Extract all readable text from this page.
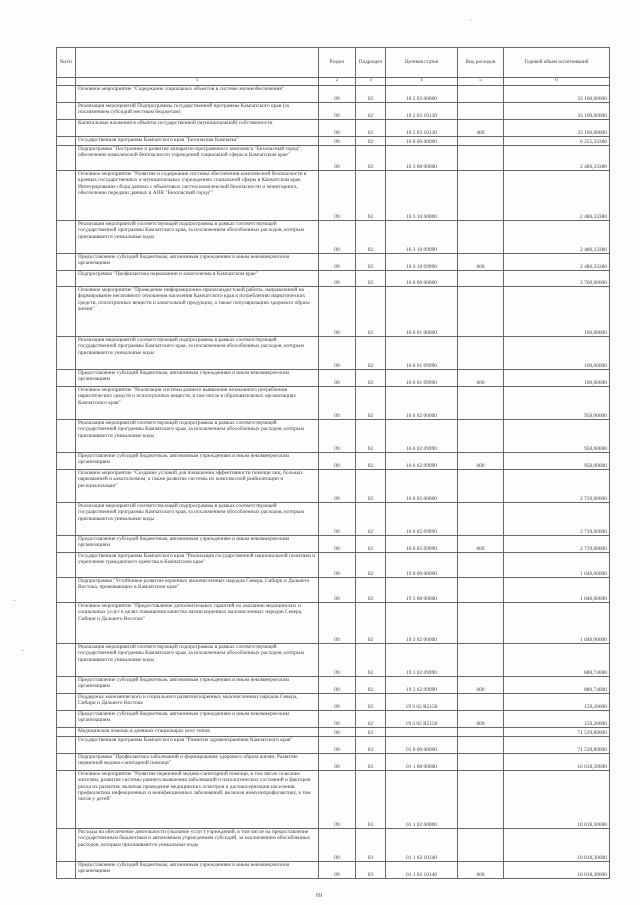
№п/п		Раздел	Подраздел	Целевая статья	Вид расходов	Годовой объем ассигнований
	1	2	3	4	5	6
	Основное мероприятие "Содержание социальных объектов в системе жизнеобеспечения"	09	02	10 2 03 00000		33 100,00000
	Реализация мероприятий Подпрограммы государственной программы Камчатского края (за исключением субсидий местным бюджетам)	09	02	10 2 03 10130		33 100,00000
	Капитальные вложения в объекты государственной (муниципальной) собственности	09	02	10 2 03 10130	400	33 100,00000
	Государственная программа Камчатского края "Безопасная Камчатка"	09	02	16 0 00 00000		6 255,33380
	Подпрограмма "Построение и развитие аппаратно-программного комплекса "Безопасный город", обеспечение комплексной безопасности учреждений социальной сферы в Камчатском крае"	09	02	16 3 00 00000		2 486,33380
	Основное мероприятие "Развитие и содержание системы обеспечения комплексной безопасности в краевых государственных и муниципальных учреждениях социальной сферы в Камчатском крае. Интегрирование сбора данных с объектовых систем комплексной безопасности и мониторинга, обеспечение передачи данных в АПК "Безопасный город""	09	02	16 3 10 00000		2 486,33380
	Реализация мероприятий соответствующей подпрограммы в рамках соответствующей государственной программы Камчатского края, за исключением обособленных расходов, которым присваиваются уникальные коды	09	02	16 3 10 09990		2 486,33380
	Предоставление субсидий бюджетным, автономным учреждениям и иным некоммерческим организациям	09	02	16 3 10 09990	600	2 486,33380
	Подпрограмма "Профилактика наркомании и алкоголизма в Камчатском крае"	09	02	16 6 00 00000		3 769,00000
	Основное мероприятие "Проведение информационно-пропагандистской работы, направленной на формирование негативного отношения населения Камчатского края к потреблению наркотических средств, психотропных веществ и алкогольной продукции, а также популяризацию здорового образа жизни"	09	02	16 6 01 00000		100,00000
	Реализация мероприятий соответствующей подпрограммы в рамках соответствующей государственной программы Камчатского края, за исключением обособленных расходов, которым присваиваются уникальные коды	09	02	16 6 01 09990		100,00000
	Предоставление субсидий бюджетным, автономным учреждениям и иным некоммерческим организациям	09	02	16 6 01 09990	600	100,00000
	Основное мероприятие "Реализация системы раннего выявления незаконного потребления наркотических средств и психотропных веществ, в том числе в образовательных организациях Камчатского края"	09	02	16 6 02 00000		950,00000
	Реализация мероприятий соответствующей подпрограммы в рамках соответствующей государственной программы Камчатского края, за исключением обособленных расходов, которым присваиваются уникальные коды	09	02	16 6 02 09990		950,00000
	Предоставление субсидий бюджетным, автономным учреждениям и иным некоммерческим организациям	09	02	16 6 02 09990	600	950,00000
	Основное мероприятие "Создание условий для повышения эффективности помощи лиц, больных наркоманией и алкоголизмом, а также развитие системы их комплексной реабилитации и ресоциализации"	09	02	16 6 05 00000		2 719,00000
	Реализация мероприятий соответствующей подпрограммы в рамках соответствующей государственной программы Камчатского края, за исключением обособленных расходов, которым присваиваются уникальные коды	09	02	16 6 05 09990		2 719,00000
	Предоставление субсидий бюджетным, автономным учреждениям и иным некоммерческим организациям	09	02	16 6 05 09990	600	2 719,00000
	Государственная программа Камчатского края "Реализация государственной национальной политики и укрепление гражданского единства в Камчатском крае"	09	02	19 0 00 00000		1 040,00000
	Подпрограмма "Устойчивое развитие коренных малочисленных народов Севера, Сибири и Дальнего Востока, проживающих в Камчатском крае"	09	02	19 3 00 00000		1 040,00000
	Основное мероприятие "Предоставление дополнительных гарантий по оказанию медицинских и социальных услуг в целях повышения качества жизни коренных малочисленных народов Севера, Сибири и Дальнего Востока"	09	02	19 3 02 00000		1 040,00000
	Реализация мероприятий соответствующей подпрограммы в рамках соответствующей государственной программы Камчатского края, за исключением обособленных расходов, которым присваиваются уникальные коды	09	02	19 3 02 09990		880,74000
	Предоставление субсидий бюджетным, автономным учреждениям и иным некоммерческим организациям	09	02	19 3 02 09990	600	880,74000
	Поддержка экономического и социального развития коренных малочисленных народов Севера, Сибири и Дальнего Востока	09	02	19 3 02 R5150		159,26000
	Предоставление субсидий бюджетным, автономным учреждениям и иным некоммерческим организациям	09	02	19 3 02 R5150	600	159,26000
	Медицинская помощь в дневных стационарах всех типов	09	03			71 539,80000
	Государственная программа Камчатского края "Развитие здравоохранения Камчатского края"	09	03	01 0 00 00000		71 539,80000
	Подпрограмма "Профилактика заболеваний и формирование здорового образа жизни. Развитие первичной медико-санитарной помощи"	09	03	01 1 00 00000		10 018,30000
	Основное мероприятие "Развитие первичной медико-санитарной помощи, в том числе сельским жителям, развитие системы раннего выявления заболеваний и патологических состояний и факторов риска их развития, включая проведение медицинских осмотров и диспансеризации населения, профилактика инфекционных и неинфекционных заболеваний, включая иммунопрофилактику, в том числе у детей"	09	03	01 1 02 00000		10 018,30000
	Расходы на обеспечение деятельности (оказание услуг) учреждений, в том числе на предоставление государственным бюджетным и автономным учреждениям субсидий, за исключением обособленных расходов, которым присваиваются уникальные коды	09	03	01 1 02 10140		10 018,30000
	Предоставление субсидий бюджетным, автономным учреждениям и иным некоммерческим организациям	09	03	01 1 02 10140	600	10 018,30000
69
